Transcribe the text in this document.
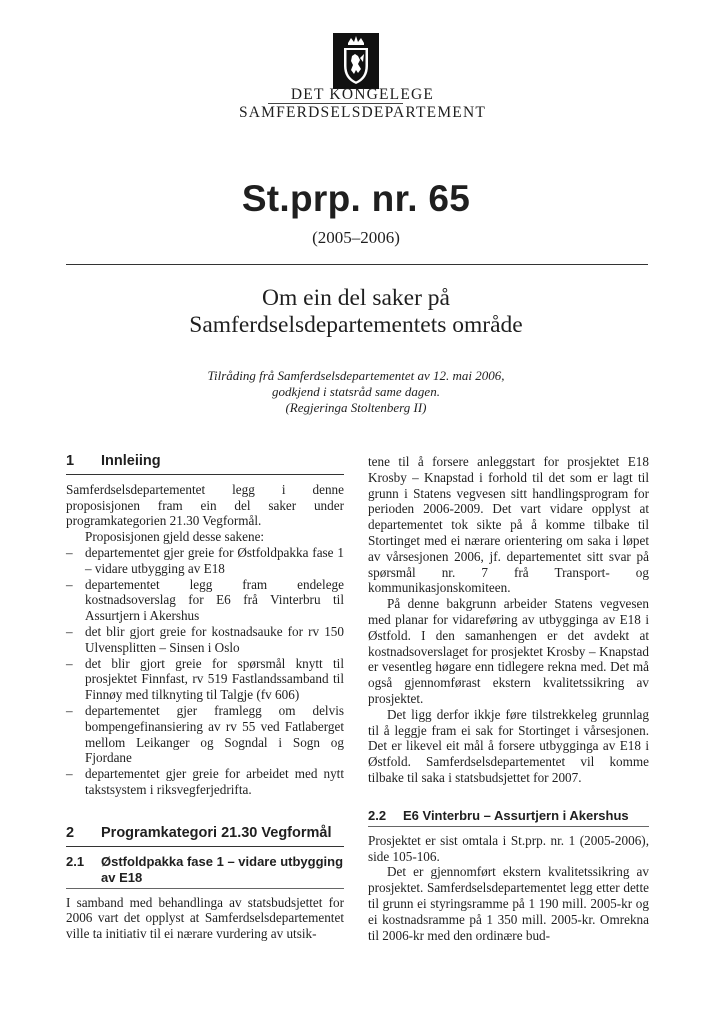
DET KONGELEGE
SAMFERDSELSDEPARTEMENT
St.prp. nr. 65
(2005–2006)
Om ein del saker på
Samferdselsdepartementets område
Tilråding frå Samferdselsdepartementet av 12. mai 2006,
godkjend i statsråd same dagen.
(Regjeringa Stoltenberg II)
1	Innleiing

Samferdselsdepartementet legg i denne proposisjonen fram ein del saker under programkategorien 21.30 Vegformål.

Proposisjonen gjeld desse sakene:

– departementet gjer greie for Østfoldpakka fase 1 – vidare utbygging av E18
– departementet legg fram endelege kostnadsoverslag for E6 frå Vinterbru til Assurtjern i Akershus
– det blir gjort greie for kostnadsauke for rv 150 Ulvensplitten – Sinsen i Oslo
– det blir gjort greie for spørsmål knytt til prosjektet Finnfast, rv 519 Fastlandssamband til Finnøy med tilknyting til Talgje (fv 606)
– departementet gjer framlegg om delvis bompengefinansiering av rv 55 ved Fatlaberget mellom Leikanger og Sogndal i Sogn og Fjordane
– departementet gjer greie for arbeidet med nytt takstsystem i riksvegferjedrifta.
2	Programkategori 21.30 Vegformål
2.1	Østfoldpakka fase 1 – vidare utbygging
av E18

I samband med behandlinga av statsbudsjettet for 2006 vart det opplyst at Samferdselsdepartementet ville ta initiativ til ei nærare vurdering av utsik-

tene til å forsere anleggstart for prosjektet E18 Krosby – Knapstad i forhold til det som er lagt til grunn i Statens vegvesen sitt handlingsprogram for perioden 2006-2009. Det vart vidare opplyst at departementet tok sikte på å komme tilbake til Stortinget med ei nærare orientering om saka i løpet av vårsesjonen 2006, jf. departementet sitt svar på spørsmål nr. 7 frå Transport- og kommunikasjonskomiteen.

På denne bakgrunn arbeider Statens vegvesen med planar for vidareføring av utbygginga av E18 i Østfold. I den samanhengen er det avdekt at kostnadsoverslaget for prosjektet Krosby – Knapstad er vesentleg høgare enn tidlegere rekna med. Det må også gjennomførast ekstern kvalitetssikring av prosjektet.

Det ligg derfor ikkje føre tilstrekkeleg grunnlag til å leggje fram ei sak for Stortinget i vårsesjonen. Det er likevel eit mål å forsere utbygginga av E18 i Østfold. Samferdselsdepartementet vil komme tilbake til saka i statsbudsjettet for 2007.

2.2	E6 Vinterbru – Assurtjern i Akershus

Prosjektet er sist omtala i St.prp. nr. 1 (2005-2006), side 105-106.

Det er gjennomført ekstern kvalitetssikring av prosjektet. Samferdselsdepartementet legg etter dette til grunn ei styringsramme på 1 190 mill. 2005-kr og ei kostnadsramme på 1 350 mill. 2005-kr. Omrekna til 2006-kr med den ordinære bud-
